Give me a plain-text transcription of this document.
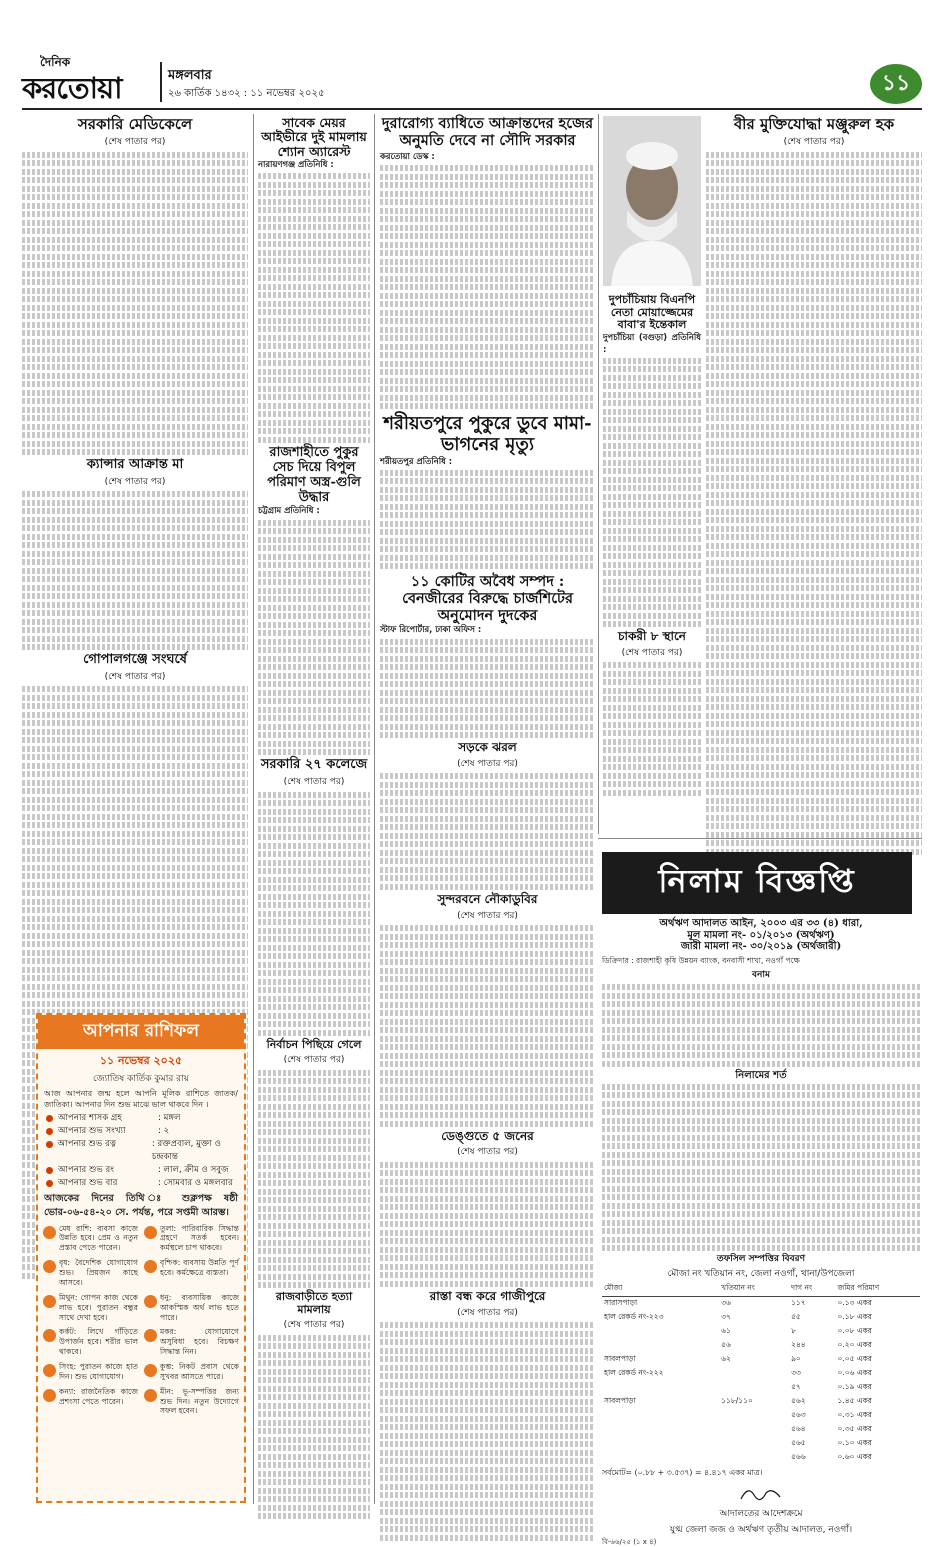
দৈনিক
করতোয়া	মঙ্গলবার
২৬ কার্তিক ১৪৩২ : ১১ নভেম্বর ২০২৫	১১
সরকারি মেডিকেলে
(শেষ পাতার পর)
ক্যান্সার আক্রান্ত মা
(শেষ পাতার পর)
গোপালগঞ্জে সংঘর্ষে
(শেষ পাতার পর)
আপনার রাশিফল
১১ নভেম্বর ২০২৫
জ্যোতিষ কার্তিক কুমার রায়
আজ আপনার জন্ম হলে আপনি মূলিক রাশিতে জাতক/জাতিকা। আপনার দিন শুভ মাঝে ভাল থাকবে দিন ।
আপনার শাসক গ্রহ	: মঙ্গল
আপনার শুভ সংখ্যা	: ২
আপনার শুভ রত্ন	: রক্তপ্রবাল, মুক্তা ও চন্দ্রকান্ত
আপনার শুভ রং	: লাল, ক্রীম ও সবুজ
আপনার শুভ বার	: সোমবার ও মঙ্গলবার
আজকের দিনের তিথি ঃ শুক্লপক্ষ ষষ্ঠী ভোর-০৬-৫৪-২০ সে. পর্যন্ত, পরে সপ্তমী আরম্ভ।
মেষ রাশি: ব্যবসা কাজে উন্নতি হবে। প্রেম ও নতুন প্রস্তাব পেতে পারেন।
তুলা: পারিবারিক সিদ্ধান্ত গ্রহণে সতর্ক হবেন। কর্মস্থলে চাপ থাকবে।
বৃষ: বৈদেশিক যোগাযোগ শুভ। প্রিয়জন কাছে আসবে।
বৃশ্চিক: ব্যবসায় উন্নতি পূর্ণ হবে। কর্মক্ষেত্রে ব্যস্ততা।
মিথুন: গোপন কাজ থেকে লাভ হবে। পুরাতন বন্ধুর সাথে দেখা হবে।
ধনু: ব্যবসায়িক কাজে আকস্মিক অর্থ লাভ হতে পারে।
কর্কট: লিখে গাঁড়িতে উপার্জন হবে। শরীর ভাল থাকবে।
মকর: যোগাযোগে অসুবিধা হবে। বিচক্ষণ সিদ্ধান্ত নিন।
সিংহ: পুরাতন কাজে হাত দিন। শুভ যোগাযোগ।
কুম্ভ: নিকট প্রবাস থেকে সুখবর আসতে পারে।
কন্যা: রাজনৈতিক কাজে প্রশংসা পেতে পারেন।
মীন: ভূ-সম্পত্তির জন্য শুভ দিন। নতুন উদ্যোগে সফল হবেন।
সাবেক মেয়র আইভীরে দুই মামলায় শ্যোন অ্যারেস্ট
নারায়ণগঞ্জ প্রতিনিধি :
রাজশাহীতে পুকুর সেচ দিয়ে বিপুল পরিমাণ অস্ত্র-গুলি উদ্ধার
চট্টগ্রাম প্রতিনিধি :
সরকারি ২৭ কলেজে
(শেষ পাতার পর)
নির্বাচন পিছিয়ে গেলে
(শেষ পাতার পর)
রাজবাড়ীতে হত্যা মামলায়
(শেষ পাতার পর)
দুরারোগ্য ব্যাধিতে আক্রান্তদের হজের অনুমতি দেবে না সৌদি সরকার
করতোয়া ডেস্ক :
শরীয়তপুরে পুকুরে ডুবে মামা-ভাগনের মৃত্যু
শরীয়তপুর প্রতিনিধি :
১১ কোটির অবৈধ সম্পদ : বেনজীরের বিরুদ্ধে চার্জশিটের অনুমোদন দুদকের
স্টাফ রিপোর্টার, ঢাকা অফিস :
সড়কে ঝরল
(শেষ পাতার পর)
সুন্দরবনে নৌকাডুবির
(শেষ পাতার পর)
ডেঙ্গুতে ৫ জনের
(শেষ পাতার পর)
রাস্তা বন্ধ করে গাজীপুরে
(শেষ পাতার পর)
দুপচাঁচিয়ায় বিএনপি নেতা মোয়াজ্জেমের বাবা'র ইন্তেকাল
দুপচাঁচিয়া (বগুড়া) প্রতিনিধি :
চাকরী ৮ স্থানে
(শেষ পাতার পর)
বীর মুক্তিযোদ্ধা মঞ্জুরুল হক
(শেষ পাতার পর)
নিলাম বিজ্ঞপ্তি
অর্থঋণ আদালত আইন, ২০০৩ এর ৩৩ (৪) ধারা,
মূল মামলা নং- ০১/২০১৩ (অর্থঋণ)
জারী মামলা নং- ৩০/২০১৯ (অর্থজারী)
ডিক্রিদার : রাজশাহী কৃষি উন্নয়ন ব্যাংক, বনবাসী শাখা, নওগাঁ পক্ষে
বনাম
নিলামের শর্ত
তফসিল সম্পত্তির বিবরণ
মৌজা নং খতিয়ান নং, জেলা নওগাঁ, থানা/উপজেলা
মৌজা	খতিয়ান নং	দাগ নং	জমির পরিমাণ
সারাসপাড়া	৩৬	১১৭	০.১৩ একর
হাল রেকর্ড নং-২২৩	৩৭	৫৫	০.১৮ একর
	৬১	৮	০.০৮ একর
	৫৬	২৪৪	০.২০ একর
সাবলপাড়া	৬২	৯০	০.০৫ একর
হাল রেকর্ড নং-২২২		৩৩	০.০৬ একর
		৫৭	০.১৯ একর
সাবলপাড়া	১১৮/১১০	৫৬২	১.৪৫ একর
		৫৬৩	০.৩১ একর
		৫৬৪	০.৩৫ একর
		৫৬৫	০.১০ একর
		৫৬৬	০.৬০ একর
সর্বমোট= (০.৮৮ + ৩.৫৩৭) = ৪.৪১৭ একর মাত্র।
আদালতের আদেশক্রমে
যুগ্ম জেলা জজ ও অর্থঋণ তৃতীয় আদালত, নওগাঁ।
বি-৬৬/২৫ (১ x ৪)
